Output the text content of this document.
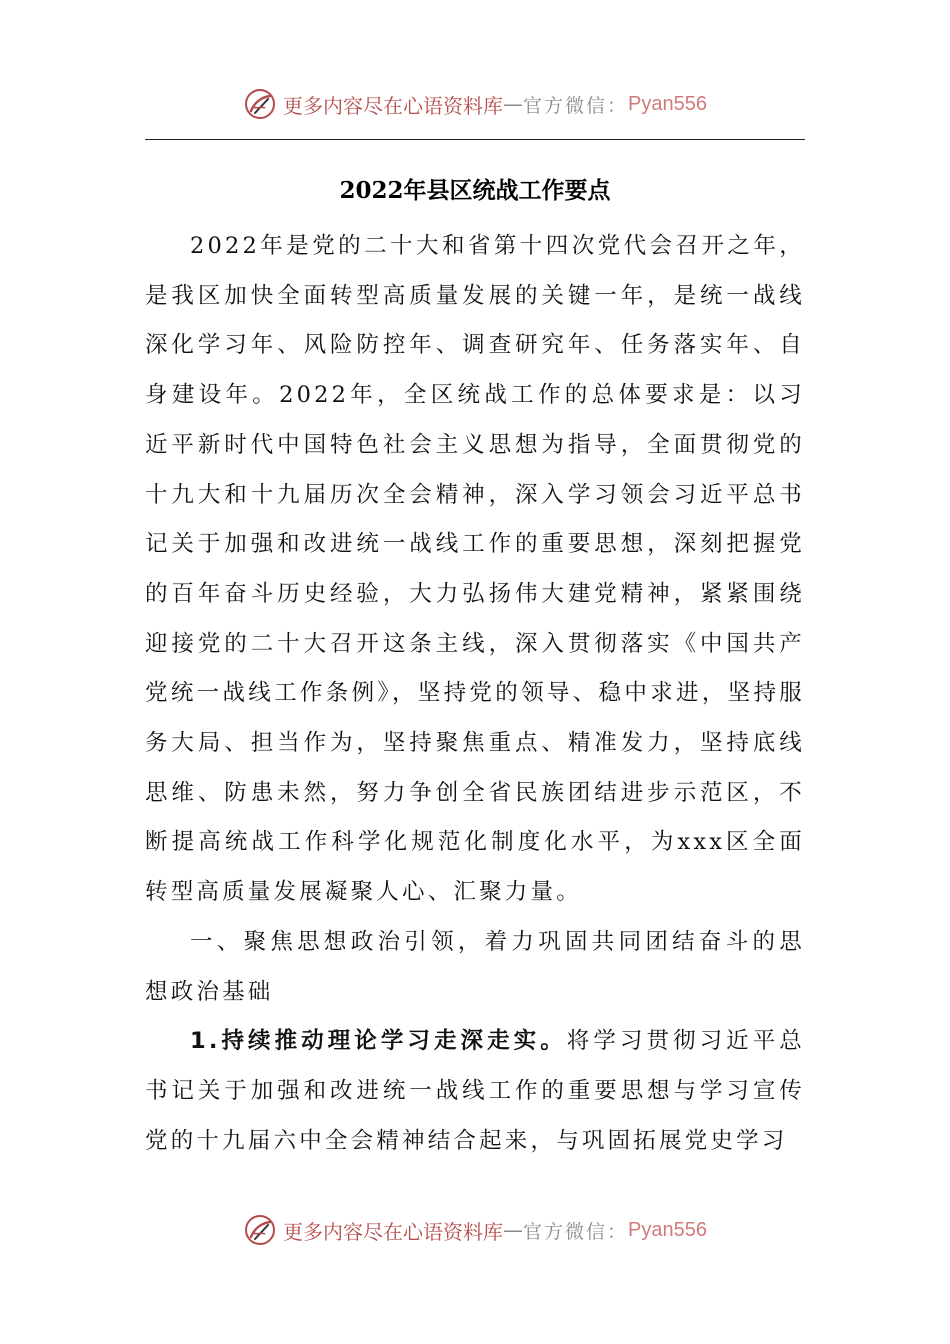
更多内容尽在心语资料库 — 官方微信： Pyan556
2022年县区统战工作要点

2022年是党的二十大和省第十四次党代会召开之年，是我区加快全面转型高质量发展的关键一年，是统一战线深化学习年、风险防控年、调查研究年、任务落实年、自身建设年。2022年，全区统战工作的总体要求是：以习近平新时代中国特色社会主义思想为指导，全面贯彻党的十九大和十九届历次全会精神，深入学习领会习近平总书记关于加强和改进统一战线工作的重要思想，深刻把握党的百年奋斗历史经验，大力弘扬伟大建党精神，紧紧围绕迎接党的二十大召开这条主线，深入贯彻落实《中国共产党统一战线工作条例》，坚持党的领导、稳中求进，坚持服务大局、担当作为，坚持聚焦重点、精准发力，坚持底线思维、防患未然，努力争创全省民族团结进步示范区，不断提高统战工作科学化规范化制度化水平，为xxx区全面转型高质量发展凝聚人心、汇聚力量。

一、聚焦思想政治引领，着力巩固共同团结奋斗的思想政治基础

1.持续推动理论学习走深走实。将学习贯彻习近平总书记关于加强和改进统一战线工作的重要思想与学习宣传党的十九届六中全会精神结合起来，与巩固拓展党史学习

更多内容尽在心语资料库 — 官方微信： Pyan556
